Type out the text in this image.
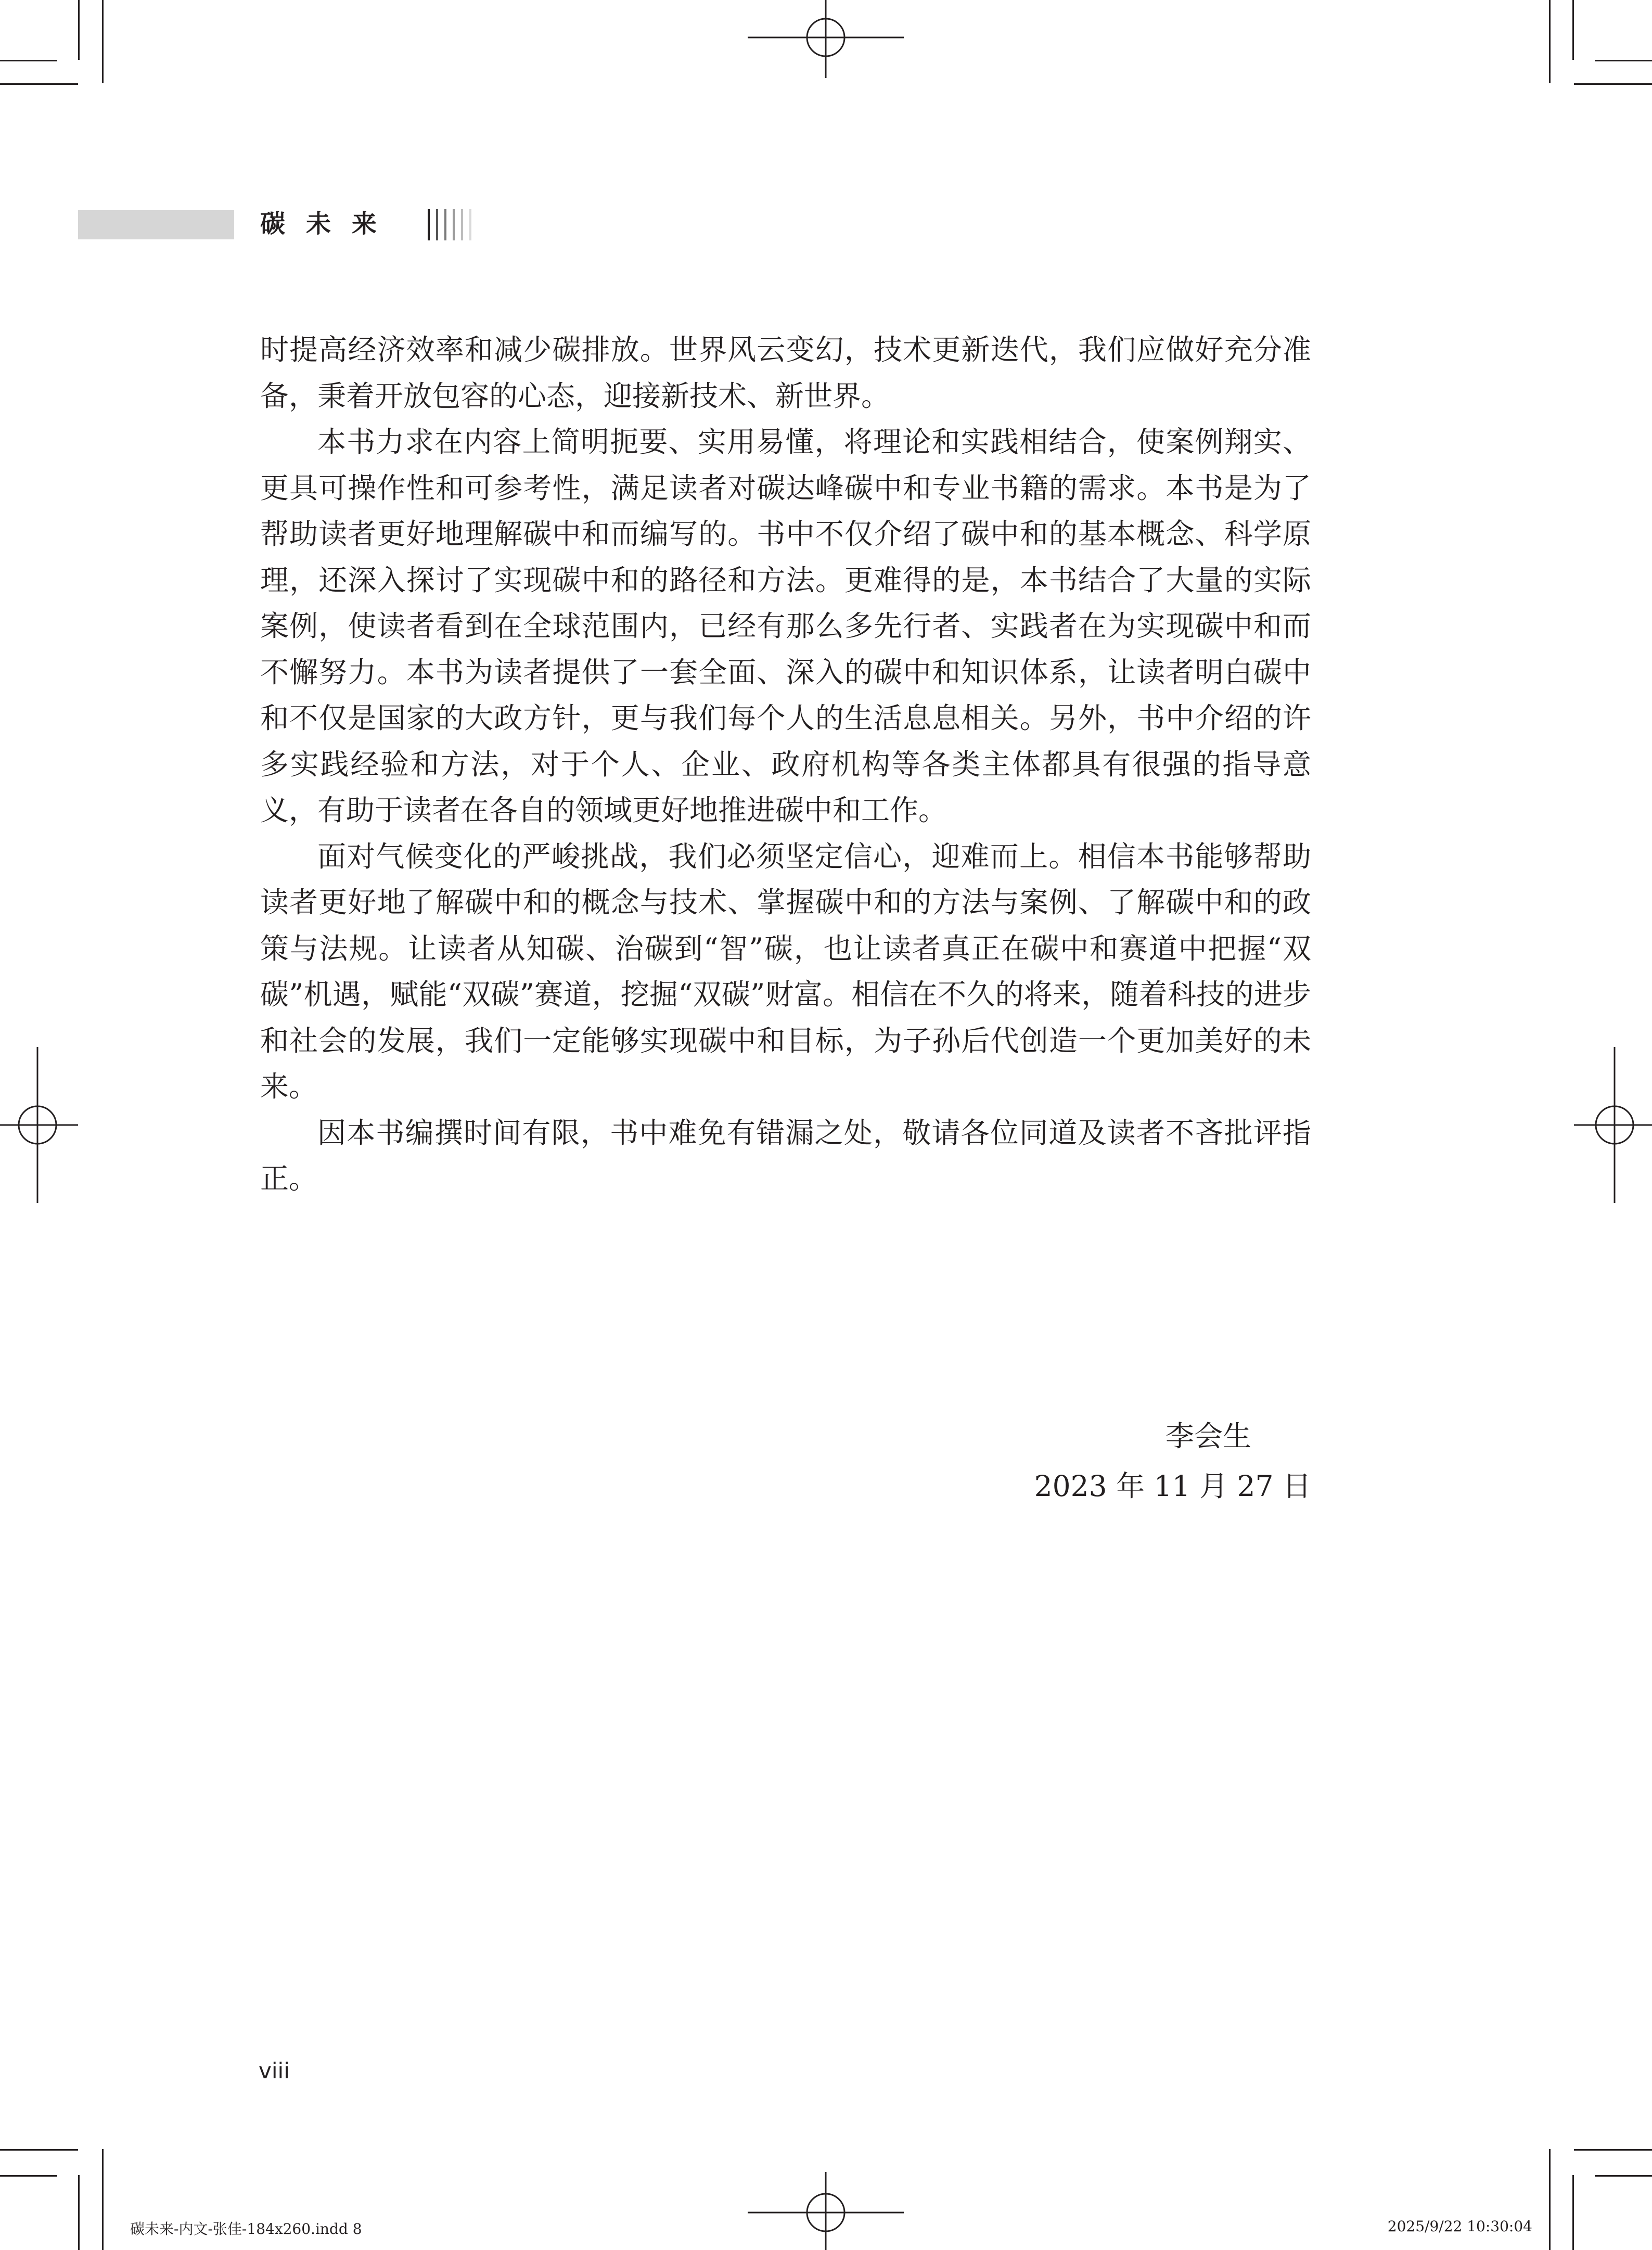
碳未来

时提高经济效率和减少碳排放。世界风云变幻，技术更新迭代，我们应做好充分准备，秉着开放包容的心态，迎接新技术、新世界。

本书力求在内容上简明扼要、实用易懂，将理论和实践相结合，使案例翔实、更具可操作性和可参考性，满足读者对碳达峰碳中和专业书籍的需求。本书是为了帮助读者更好地理解碳中和而编写的。书中不仅介绍了碳中和的基本概念、科学原理，还深入探讨了实现碳中和的路径和方法。更难得的是，本书结合了大量的实际案例，使读者看到在全球范围内，已经有那么多先行者、实践者在为实现碳中和而不懈努力。本书为读者提供了一套全面、深入的碳中和知识体系，让读者明白碳中和不仅是国家的大政方针，更与我们每个人的生活息息相关。另外，书中介绍的许多实践经验和方法，对于个人、企业、政府机构等各类主体都具有很强的指导意义，有助于读者在各自的领域更好地推进碳中和工作。

面对气候变化的严峻挑战，我们必须坚定信心，迎难而上。相信本书能够帮助读者更好地了解碳中和的概念与技术、掌握碳中和的方法与案例、了解碳中和的政策与法规。让读者从知碳、治碳到“智”碳，也让读者真正在碳中和赛道中把握“双碳”机遇，赋能“双碳”赛道，挖掘“双碳”财富。相信在不久的将来，随着科技的进步和社会的发展，我们一定能够实现碳中和目标，为子孙后代创造一个更加美好的未来。

因本书编撰时间有限，书中难免有错漏之处，敬请各位同道及读者不吝批评指正。

李会生
2023 年 11 月 27 日
viii
碳未来-内文-张佳-184x260.indd 8	2025/9/22 10:30:04
